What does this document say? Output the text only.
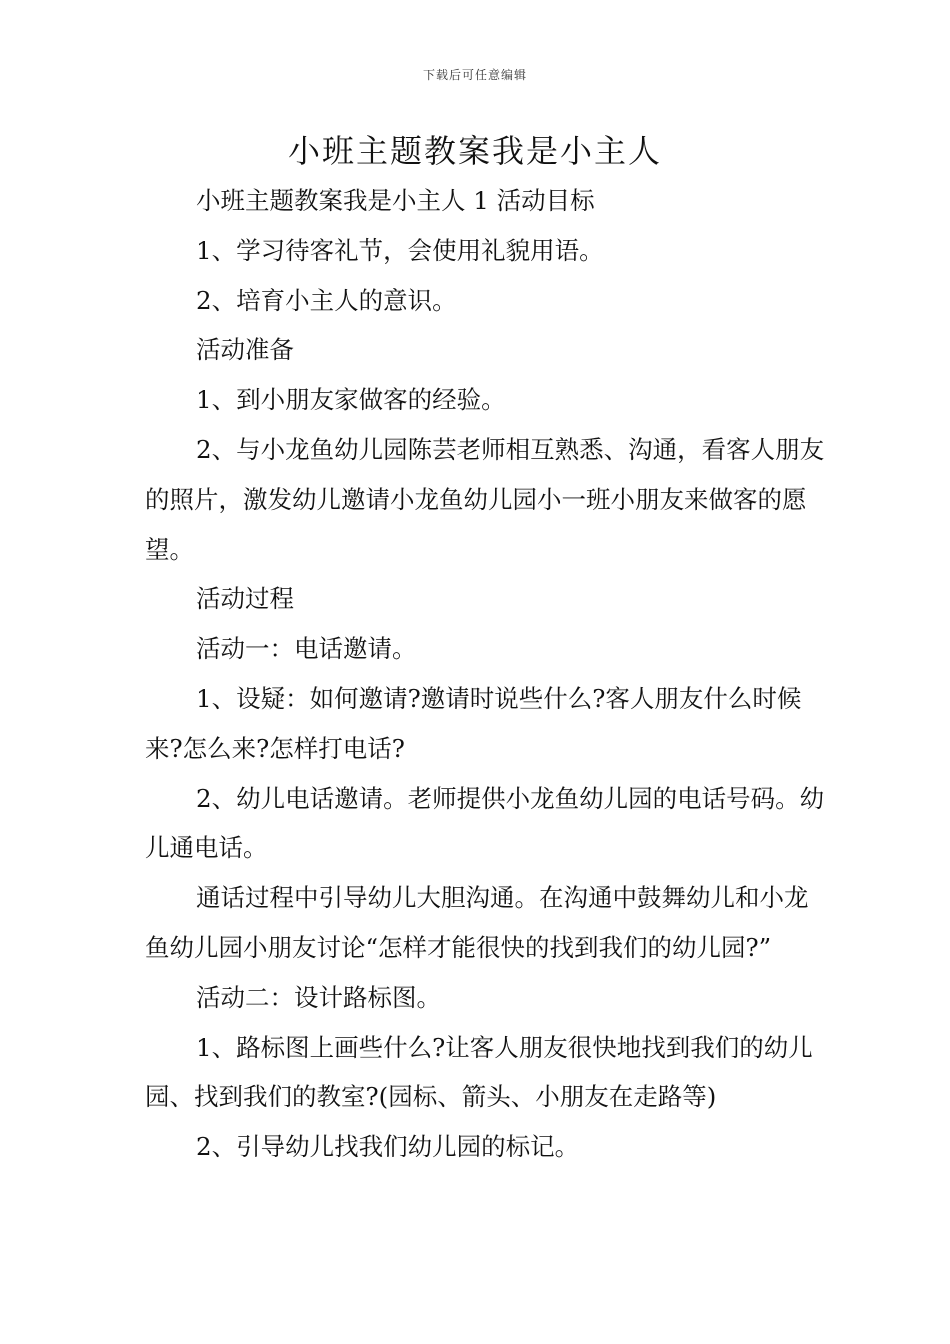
下载后可任意编辑
小班主题教案我是小主人

小班主题教案我是小主人 1 活动目标

1、学习待客礼节，会使用礼貌用语。

2、培育小主人的意识。

活动准备

1、到小朋友家做客的经验。

2、与小龙鱼幼儿园陈芸老师相互熟悉、沟通，看客人朋友的照片，激发幼儿邀请小龙鱼幼儿园小一班小朋友来做客的愿望。

活动过程

活动一：电话邀请。

1、设疑：如何邀请?邀请时说些什么?客人朋友什么时候来?怎么来?怎样打电话?

2、幼儿电话邀请。老师提供小龙鱼幼儿园的电话号码。幼儿通电话。

通话过程中引导幼儿大胆沟通。在沟通中鼓舞幼儿和小龙鱼幼儿园小朋友讨论“怎样才能很快的找到我们的幼儿园?”

活动二：设计路标图。

1、路标图上画些什么?让客人朋友很快地找到我们的幼儿园、找到我们的教室?(园标、箭头、小朋友在走路等)

2、引导幼儿找我们幼儿园的标记。
